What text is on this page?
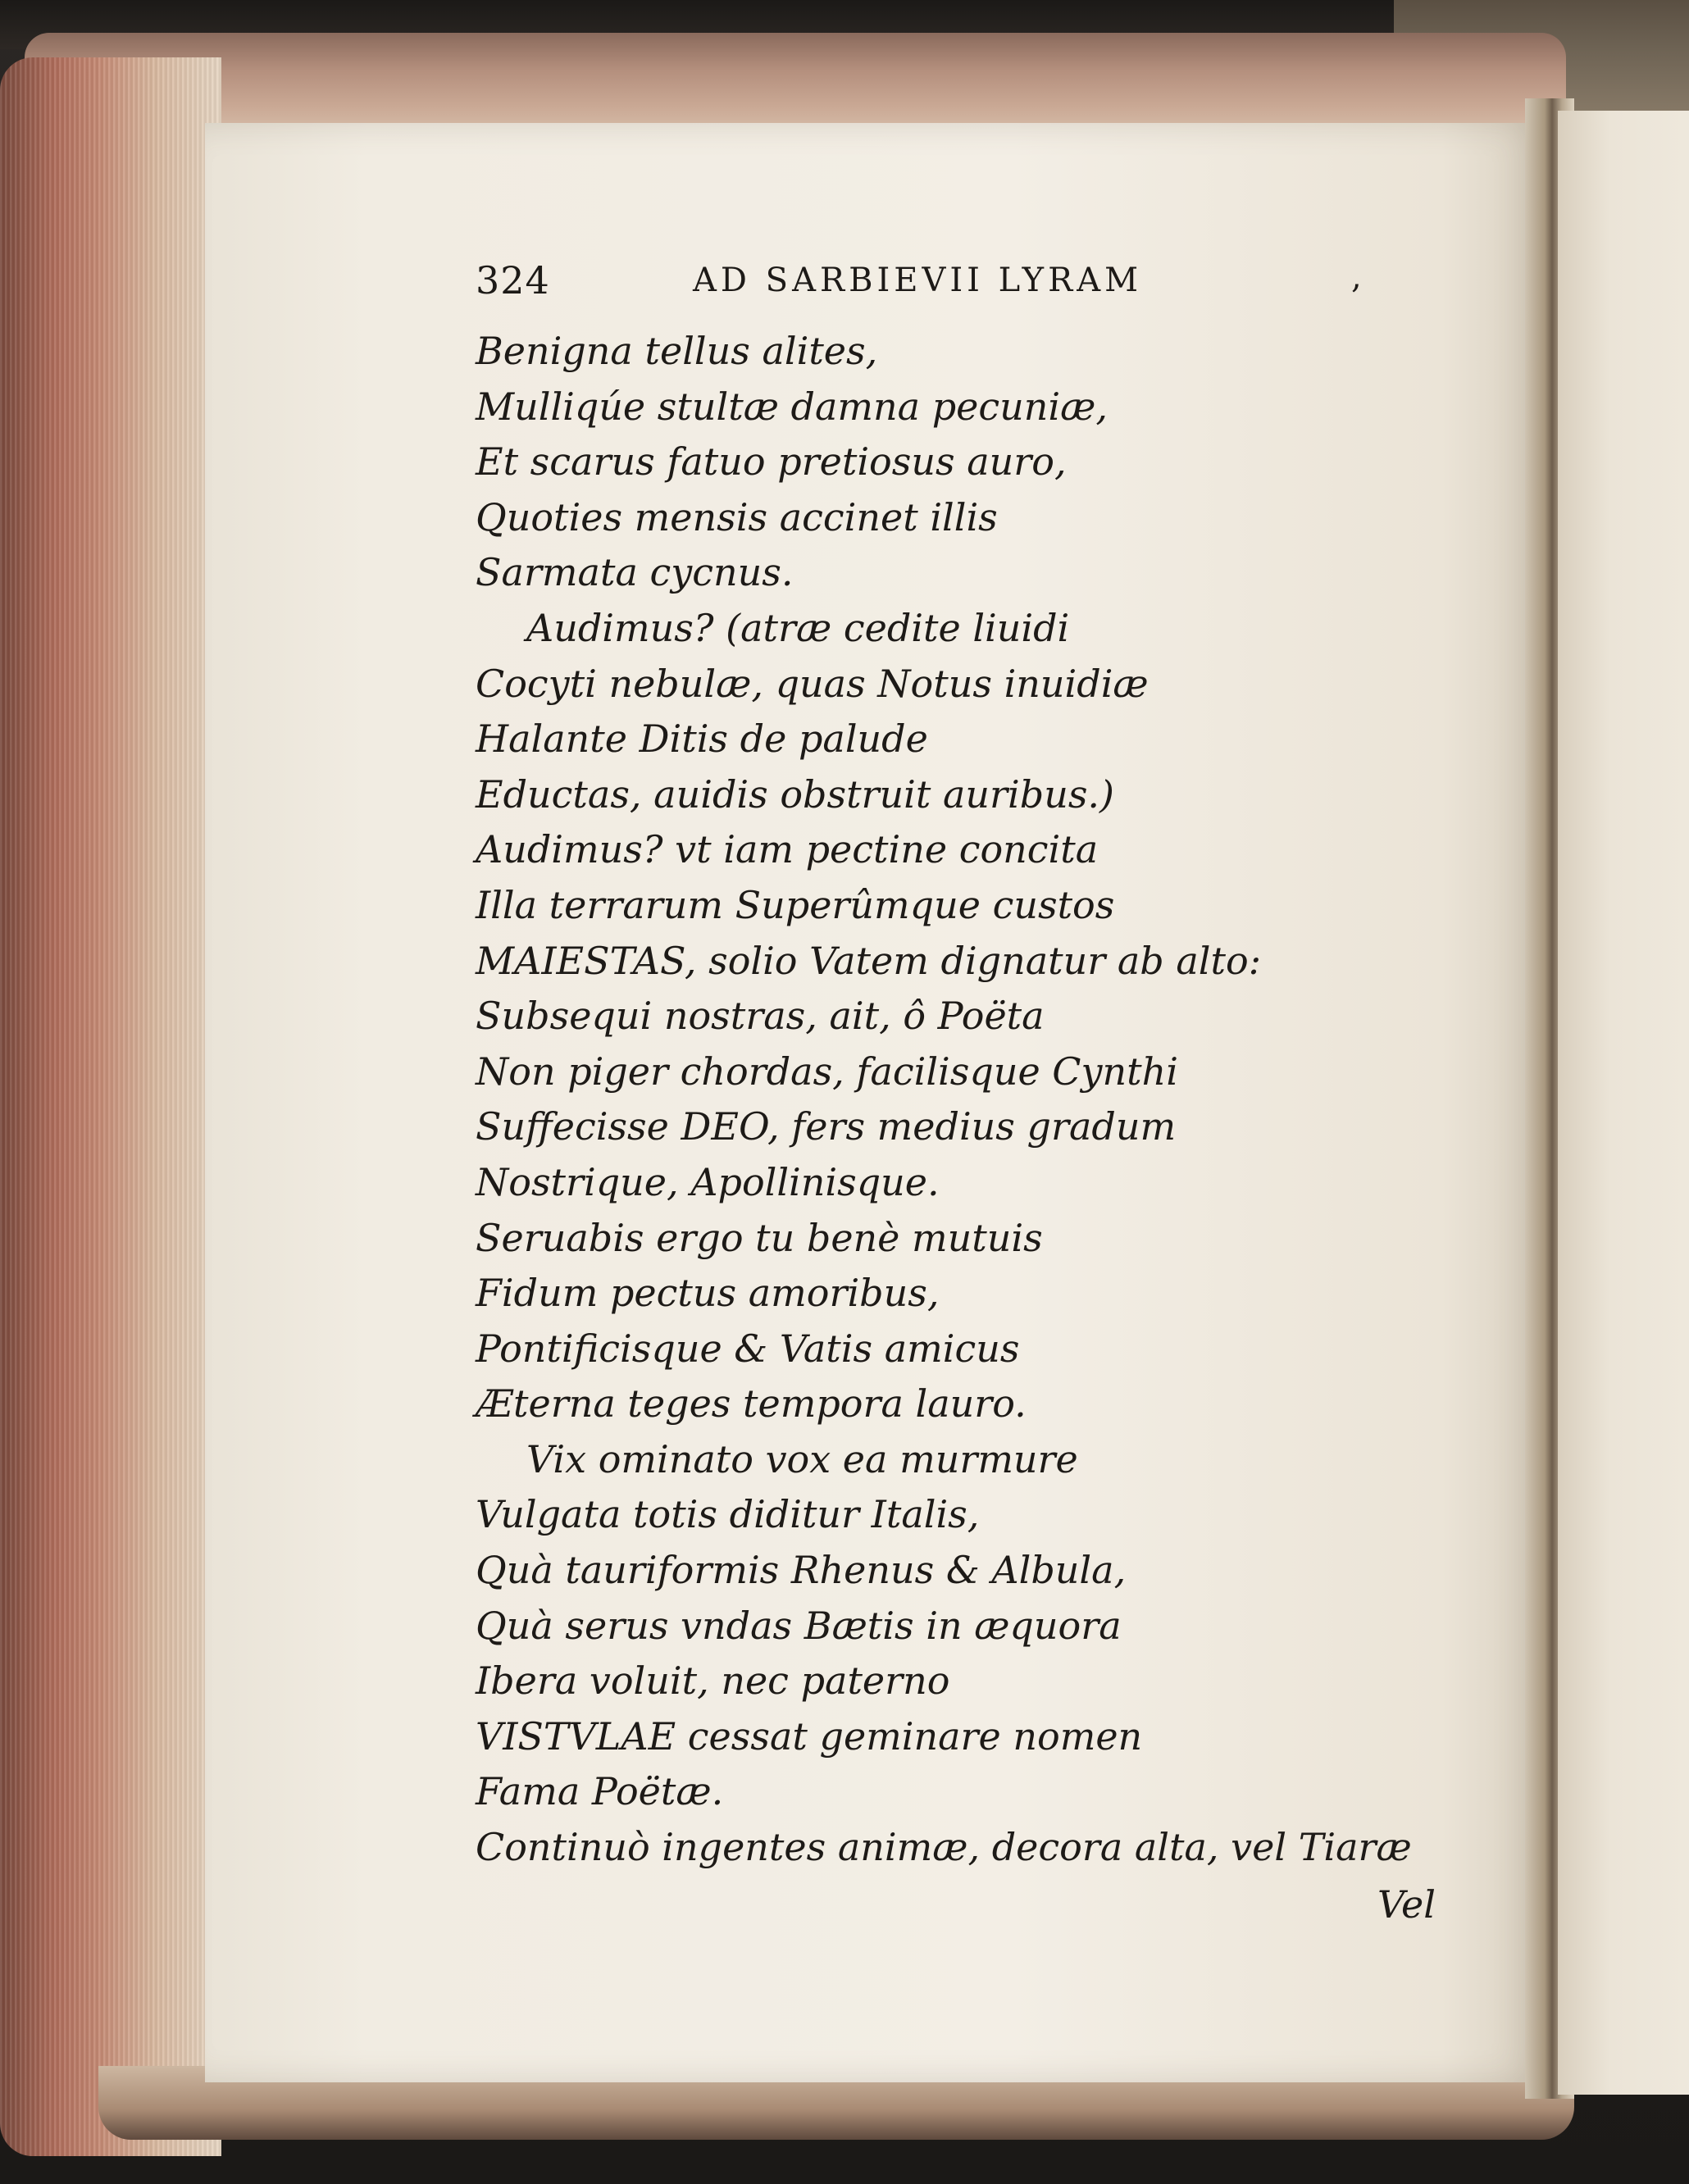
324	AD SARBIEVII LYRAM	,
Benigna tellus alites,
Mulliqúe stultæ damna pecuniæ,
Et scarus fatuo pretiosus auro,
Quoties mensis accinet illis
Sarmata cycnus.
Audimus? (atræ cedite liuidi
Cocyti nebulæ, quas Notus inuidiæ
Halante Ditis de palude
Eductas, auidis obstruit auribus.)
Audimus? vt iam pectine concita
Illa terrarum Superûmque custos
MAIESTAS, solio Vatem dignatur ab alto:
Subsequi nostras, ait, ô Poëta
Non piger chordas, facilisque Cynthi
Suffecisse DEO, fers medius gradum
Nostrique, Apollinisque.
Seruabis ergo tu benè mutuis
Fidum pectus amoribus,
Pontificisque & Vatis amicus
Æterna teges tempora lauro.
Vix ominato vox ea murmure
Vulgata totis diditur Italis,
Quà tauriformis Rhenus & Albula,
Quà serus vndas Bætis in æquora
Ibera voluit, nec paterno
VISTVLAE cessat geminare nomen
Fama Poëtæ.
Continuò ingentes animæ, decora alta, vel Tiaræ
Vel
